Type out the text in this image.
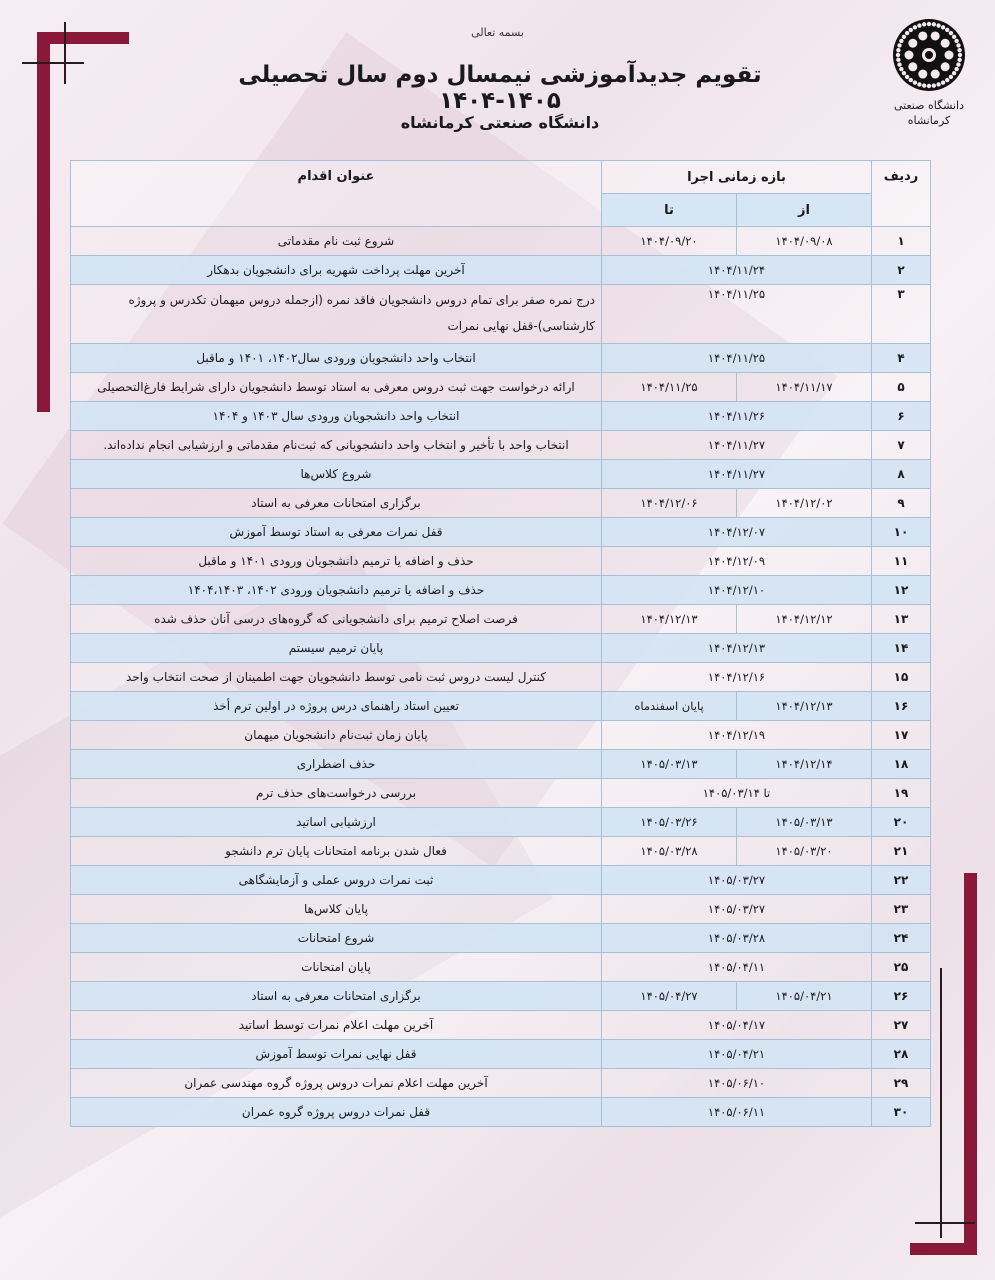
بسمه تعالی
تقویم جدیدآموزشی نیمسال دوم سال تحصیلی ۱۴۰۵-۱۴۰۴
دانشگاه صنعتی کرمانشاه
دانشگاه صنعتی
کرمانشاه
ردیف	بازه زمانی اجرا		عنوان اقدام
	از	تا	
۱	۱۴۰۴/۰۹/۰۸	۱۴۰۴/۰۹/۲۰	شروع ثبت نام مقدماتی
۲	۱۴۰۴/۱۱/۲۴		آخرین مهلت پرداخت شهریه برای دانشجویان بدهکار
۳	۱۴۰۴/۱۱/۲۵		درج نمره صفر برای تمام دروس دانشجویان فاقد نمره (ازجمله دروس میهمان تکدرس و پروژه کارشناسی)-قفل نهایی نمرات
۴	۱۴۰۴/۱۱/۲۵		انتخاب واحد دانشجویان ورودی سال۱۴۰۲، ۱۴۰۱ و ماقبل
۵	۱۴۰۴/۱۱/۱۷	۱۴۰۴/۱۱/۲۵	ارائه درخواست جهت ثبت دروس معرفی به استاد توسط دانشجویان دارای شرایط فارغ‌التحصیلی
۶	۱۴۰۴/۱۱/۲۶		انتخاب واحد دانشجویان ورودی سال ۱۴۰۳ و ۱۴۰۴
۷	۱۴۰۴/۱۱/۲۷		انتخاب واحد با تأخیر و انتخاب واحد دانشجویانی که ثبت‌نام مقدماتی و ارزشیابی انجام نداده‌اند.
۸	۱۴۰۴/۱۱/۲۷		شروع کلاس‌ها
۹	۱۴۰۴/۱۲/۰۲	۱۴۰۴/۱۲/۰۶	برگزاری امتحانات معرفی به استاد
۱۰	۱۴۰۴/۱۲/۰۷		قفل نمرات معرفی به استاد توسط آموزش
۱۱	۱۴۰۴/۱۲/۰۹		حذف و اضافه یا ترمیم دانشجویان ورودی ۱۴۰۱ و ماقبل
۱۲	۱۴۰۴/۱۲/۱۰		حذف و اضافه یا ترمیم دانشجویان ورودی ۱۴۰۲، ۱۴۰۴،۱۴۰۳
۱۳	۱۴۰۴/۱۲/۱۲	۱۴۰۴/۱۲/۱۳	فرصت اصلاح ترمیم برای دانشجویانی که گروه‌های درسی آنان حذف شده
۱۴	۱۴۰۴/۱۲/۱۳		پایان ترمیم سیستم
۱۵	۱۴۰۴/۱۲/۱۶		کنترل لیست دروس ثبت نامی توسط دانشجویان جهت اطمینان از صحت انتخاب واحد
۱۶	۱۴۰۴/۱۲/۱۳	پایان اسفندماه	تعیین استاد راهنمای درس پروژه در اولین ترم أخذ
۱۷	۱۴۰۴/۱۲/۱۹		پایان زمان ثبت‌نام دانشجویان میهمان
۱۸	۱۴۰۴/۱۲/۱۴	۱۴۰۵/۰۳/۱۳	حذف اضطراری
۱۹	تا ۱۴۰۵/۰۳/۱۴		بررسی درخواست‌های حذف ترم
۲۰	۱۴۰۵/۰۳/۱۳	۱۴۰۵/۰۳/۲۶	ارزشیابی اساتید
۲۱	۱۴۰۵/۰۳/۲۰	۱۴۰۵/۰۳/۲۸	فعال شدن برنامه امتحانات پایان ترم دانشجو
۲۲	۱۴۰۵/۰۳/۲۷		ثبت نمرات دروس عملی و آزمایشگاهی
۲۳	۱۴۰۵/۰۳/۲۷		پایان کلاس‌ها
۲۴	۱۴۰۵/۰۳/۲۸		شروع امتحانات
۲۵	۱۴۰۵/۰۴/۱۱		پایان امتحانات
۲۶	۱۴۰۵/۰۴/۲۱	۱۴۰۵/۰۴/۲۷	برگزاری امتحانات معرفی به استاد
۲۷	۱۴۰۵/۰۴/۱۷		آخرین مهلت اعلام نمرات توسط اساتید
۲۸	۱۴۰۵/۰۴/۲۱		قفل نهایی نمرات توسط آموزش
۲۹	۱۴۰۵/۰۶/۱۰		آخرین مهلت اعلام نمرات دروس پروژه گروه مهندسی عمران
۳۰	۱۴۰۵/۰۶/۱۱		قفل نمرات دروس پروژه گروه عمران
